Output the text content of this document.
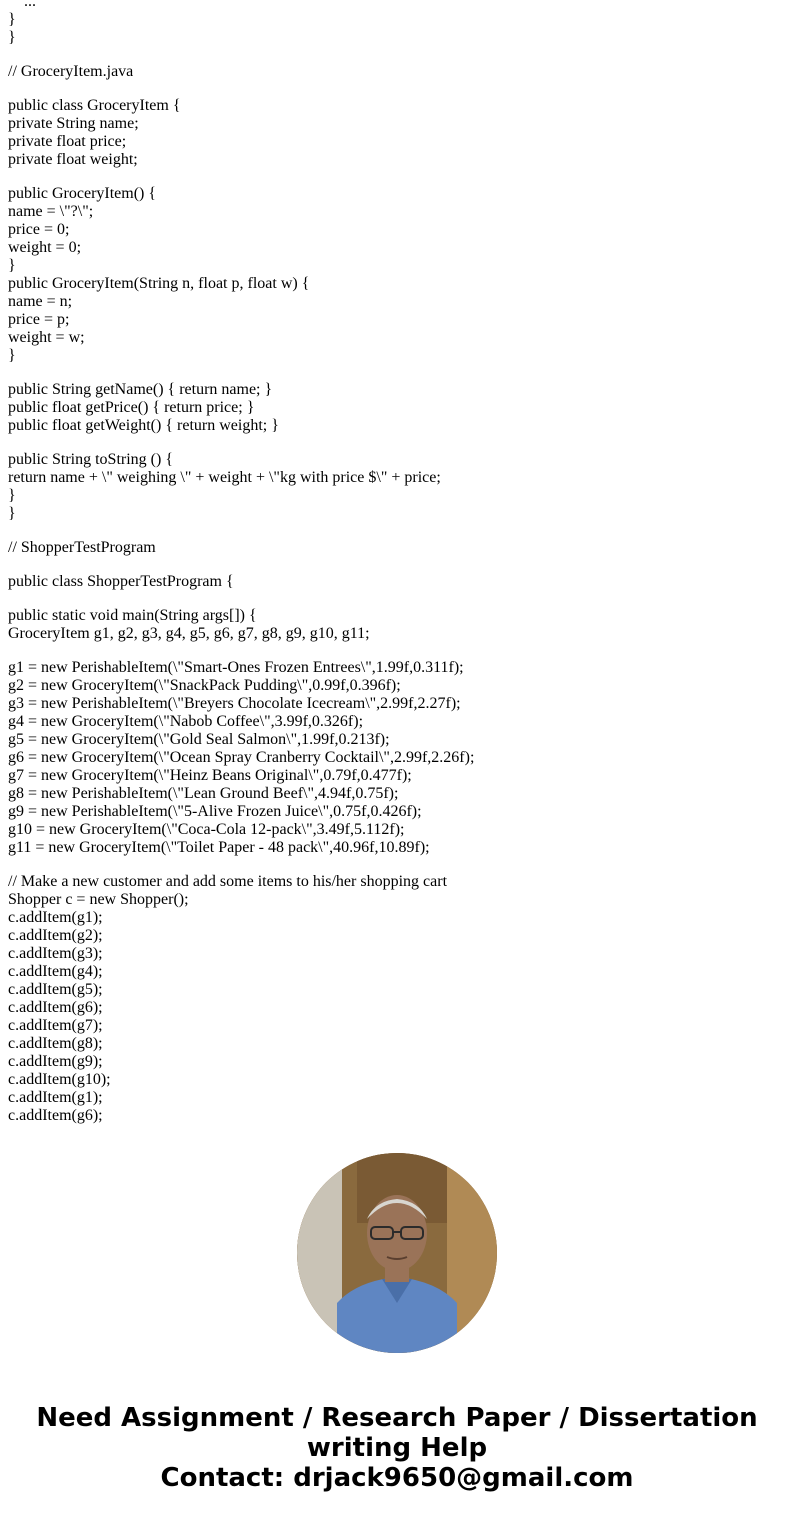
...
}
}
// GroceryItem.java
public class GroceryItem {
private String name;
private float price;
private float weight;
public GroceryItem() {
name = \"?\";
price = 0;
weight = 0;
}
public GroceryItem(String n, float p, float w) {
name = n;
price = p;
weight = w;
}
public String getName() { return name; }
public float getPrice() { return price; }
public float getWeight() { return weight; }
public String toString () {
return name + \" weighing \" + weight + \"kg with price $\" + price;
}
}
// ShopperTestProgram
public class ShopperTestProgram {
public static void main(String args[]) {
GroceryItem g1, g2, g3, g4, g5, g6, g7, g8, g9, g10, g11;
g1 = new PerishableItem(\"Smart-Ones Frozen Entrees\",1.99f,0.311f);
g2 = new GroceryItem(\"SnackPack Pudding\",0.99f,0.396f);
g3 = new PerishableItem(\"Breyers Chocolate Icecream\",2.99f,2.27f);
g4 = new GroceryItem(\"Nabob Coffee\",3.99f,0.326f);
g5 = new GroceryItem(\"Gold Seal Salmon\",1.99f,0.213f);
g6 = new GroceryItem(\"Ocean Spray Cranberry Cocktail\",2.99f,2.26f);
g7 = new GroceryItem(\"Heinz Beans Original\",0.79f,0.477f);
g8 = new PerishableItem(\"Lean Ground Beef\",4.94f,0.75f);
g9 = new PerishableItem(\"5-Alive Frozen Juice\",0.75f,0.426f);
g10 = new GroceryItem(\"Coca-Cola 12-pack\",3.49f,5.112f);
g11 = new GroceryItem(\"Toilet Paper - 48 pack\",40.96f,10.89f);
// Make a new customer and add some items to his/her shopping cart
Shopper c = new Shopper();
c.addItem(g1);
c.addItem(g2);
c.addItem(g3);
c.addItem(g4);
c.addItem(g5);
c.addItem(g6);
c.addItem(g7);
c.addItem(g8);
c.addItem(g9);
c.addItem(g10);
c.addItem(g1);
c.addItem(g6);
Need Assignment / Research Paper / Dissertation
writing Help
Contact: drjack9650@gmail.com
